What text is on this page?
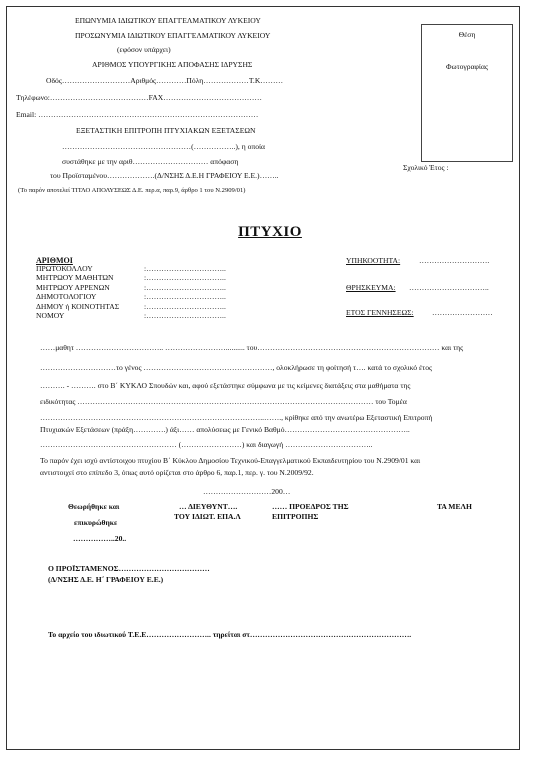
ΕΠΩΝΥΜΙΑ ΙΔΙΩΤΙΚΟΥ ΕΠΑΓΓΕΛΜΑΤΙΚΟΥ ΛΥΚΕΙΟΥ
ΠΡΟΣΩΝΥΜΙΑ ΙΔΙΩΤΙΚΟΥ ΕΠΑΓΓΕΛΜΑΤΙΚΟΥ ΛΥΚΕΙΟΥ
(εφόσον υπάρχει)
ΑΡΙΘΜΟΣ ΥΠΟΥΡΓΙΚΗΣ ΑΠΟΦΑΣΗΣ ΙΔΡΥΣΗΣ
Οδός………………………Αριθμός…………Πόλη………………Τ.Κ………
Τηλέφωνο:…………………………………FAX…………………………………
Email: ……………………………………………………………………………
ΕΞΕΤΑΣΤΙΚΗ ΕΠΙΤΡΟΠΗ ΠΤΥΧΙΑΚΩΝ ΕΞΕΤΑΣΕΩΝ
……………………………………………(……………..), η οποία
συστάθηκε με την αριθ………………………… απόφαση
του Προϊσταμένου……………….(Δ/ΝΣΗΣ Δ.Ε.Η ΓΡΑΦΕΙΟΥ Ε.Ε.)……..
(Το παρόν αποτελεί ΤΙΤΛΟ ΑΠΟΛΥΣΕΩΣ Δ.Ε. περ.α, παρ.9, άρθρο 1 του Ν.2909/01)
Σχολικό Έτος :
Θέση
Φωτογραφίας
ΠΤΥΧΙΟ
ΑΡΙΘΜΟΙ
ΠΡΩΤΟΚΟΛΛΟΥ	:…………………………..
ΜΗΤΡΩΟΥ ΜΑΘΗΤΩΝ	:…………………………..
ΜΗΤΡΩΟΥ ΑΡΡΕΝΩΝ	:…………………………..
ΔΗΜΟΤΟΛΟΓΙΟΥ	:…………………………..
ΔΗΜΟΥ ή ΚΟΙΝΟΤΗΤΑΣ	:…………………………..
ΝΟΜΟΥ	:…………………………..
ΥΠΗΚΟΟΤΗΤΑ: ……………………….
ΘΡΗΣΚΕΥΜΑ: …………………………..
ΕΤΟΣ ΓΕΝΝΗΣΕΩΣ: ……………………
……μαθητ …………………………….. …………………….......... του……………………………………………………………… και της
…………………………το γένος ……………………………………………, ολοκλήρωσε τη φοίτησή τ…. κατά το σχολικό έτος
………. - ………. στο Β΄ ΚΥΚΛΟ Σπουδών και, αφού εξετάστηκε σύμφωνα με τις κείμενες διατάξεις στα μαθήματα της
ειδικότητας ……………………………………………………………………………………………………… του Τομέα
……………………………………………………………………………..……., κρίθηκε από την ανωτέρω Εξεταστική Επιτροπή
Πτυχιακών Εξετάσεων (πράξη………….) άξι…… απολύσεως με Γενικό Βαθμό…………………………………………..
……………………………………………… (……………………) και διαγωγή ……………………………..
Το παρόν έχει ισχύ αντίστοιχου πτυχίου Β΄ Κύκλου Δημοσίου Τεχνικού-Επαγγελματικού Εκπαιδευτηρίου του Ν.2909/01 και
αντιστοιχεί στο επίπεδο 3, όπως αυτό ορίζεται στο άρθρο 6, παρ.1, περ. γ. του Ν.2009/92.
………………………200…
Θεωρήθηκε και
επικυρώθηκε
……………..20..
… ΔΙΕΥΘΥΝΤ….
ΤΟΥ ΙΔΙΩΤ. ΕΠΑ.Λ
…… ΠΡΟΕΔΡΟΣ ΤΗΣ
ΕΠΙΤΡΟΠΗΣ
ΤΑ ΜΕΛΗ
Ο ΠΡΟΪΣΤΑΜΕΝΟΣ………………………………
(Δ/ΝΣΗΣ Δ.Ε. Η΄ ΓΡΑΦΕΙΟΥ Ε.Ε.)
Το αρχείο του ιδιωτικού Τ.Ε.Ε…………………….. τηρείται στ……………………………………………………….
